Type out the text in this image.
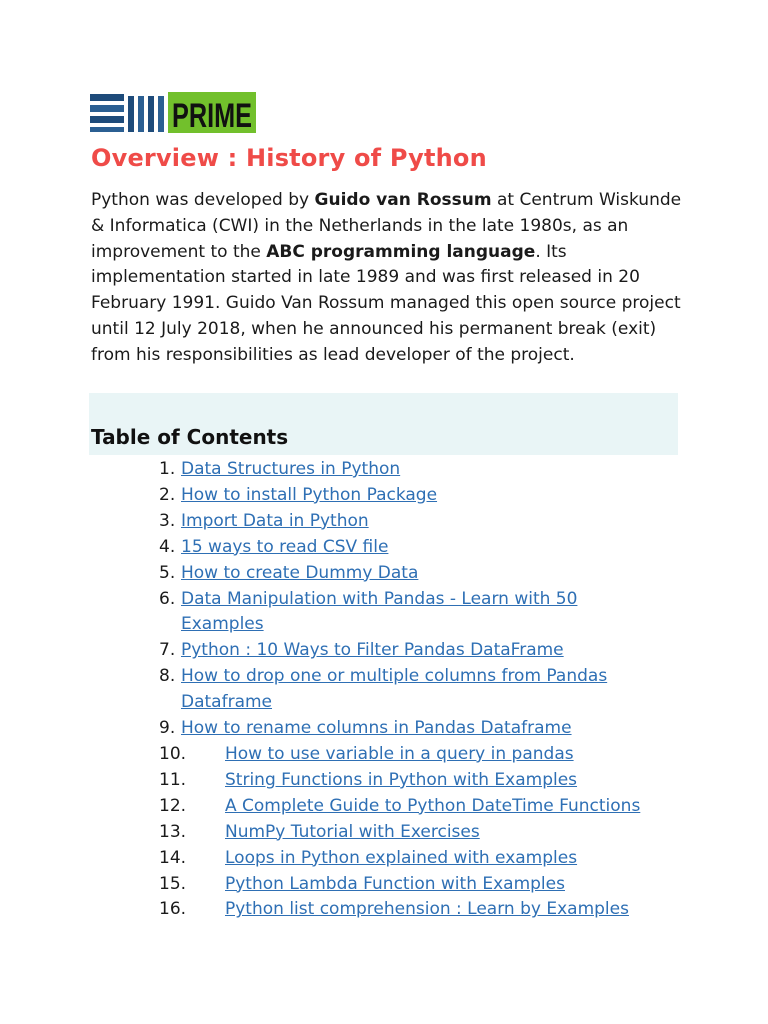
PRIME
Overview : History of Python

Python was developed by Guido van Rossum at Centrum Wiskunde & Informatica (CWI) in the Netherlands in the late 1980s, as an improvement to the ABC programming language. Its implementation started in late 1989 and was first released in 20 February 1991. Guido Van Rossum managed this open source project until 12 July 2018, when he announced his permanent break (exit) from his responsibilities as lead developer of the project.

Table of Contents
1. Data Structures in Python
2. How to install Python Package
3. Import Data in Python
4. 15 ways to read CSV file
5. How to create Dummy Data
6. Data Manipulation with Pandas - Learn with 50 Examples
7. Python : 10 Ways to Filter Pandas DataFrame
8. How to drop one or multiple columns from Pandas Dataframe
9. How to rename columns in Pandas Dataframe
10. How to use variable in a query in pandas
11. String Functions in Python with Examples
12. A Complete Guide to Python DateTime Functions
13. NumPy Tutorial with Exercises
14. Loops in Python explained with examples
15. Python Lambda Function with Examples
16. Python list comprehension : Learn by Examples
